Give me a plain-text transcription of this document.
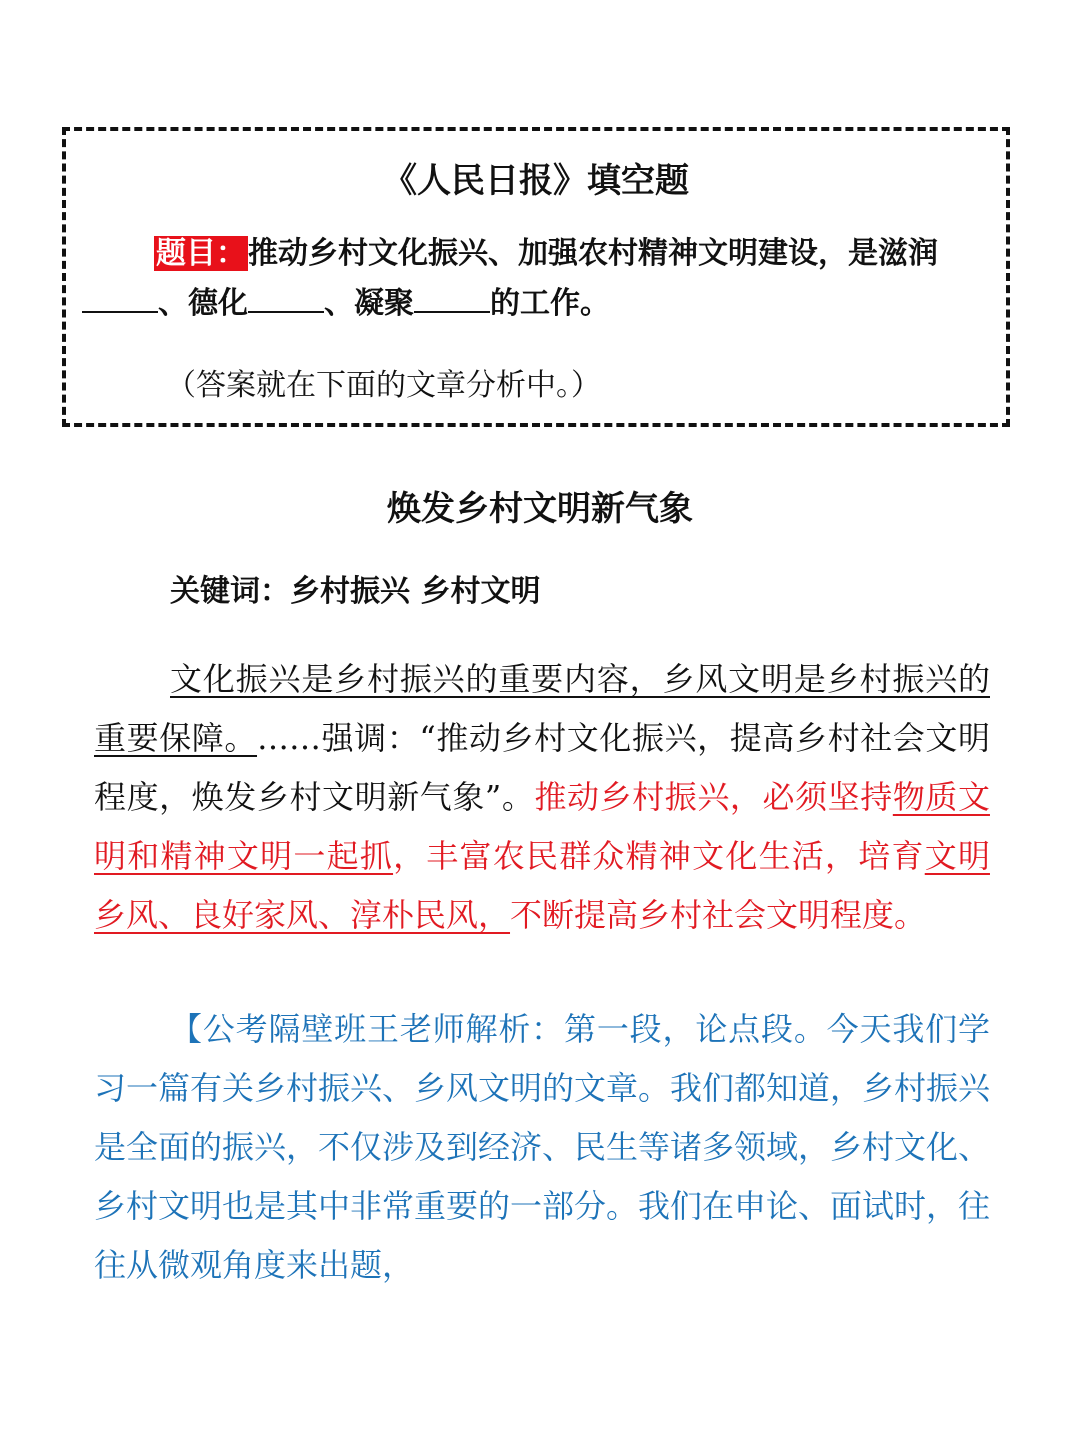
《人民日报》填空题
题目：推动乡村文化振兴、加强农村精神文明建设，是滋润、德化	、凝聚	的工作。
（答案就在下面的文章分析中。）
焕发乡村文明新气象
关键词：乡村振兴 乡村文明

文化振兴是乡村振兴的重要内容，乡风文明是乡村振兴的重要保障。……强调：“推动乡村文化振兴，提高乡村社会文明程度，焕发乡村文明新气象”。推动乡村振兴，必须坚持物质文明和精神文明一起抓，丰富农民群众精神文化生活，培育文明乡风、良好家风、淳朴民风，不断提高乡村社会文明程度。

【公考隔壁班王老师解析：第一段，论点段。今天我们学习一篇有关乡村振兴、乡风文明的文章。我们都知道，乡村振兴是全面的振兴，不仅涉及到经济、民生等诸多领域，乡村文化、乡村文明也是其中非常重要的一部分。我们在申论、面试时，往往从微观角度来出题，
